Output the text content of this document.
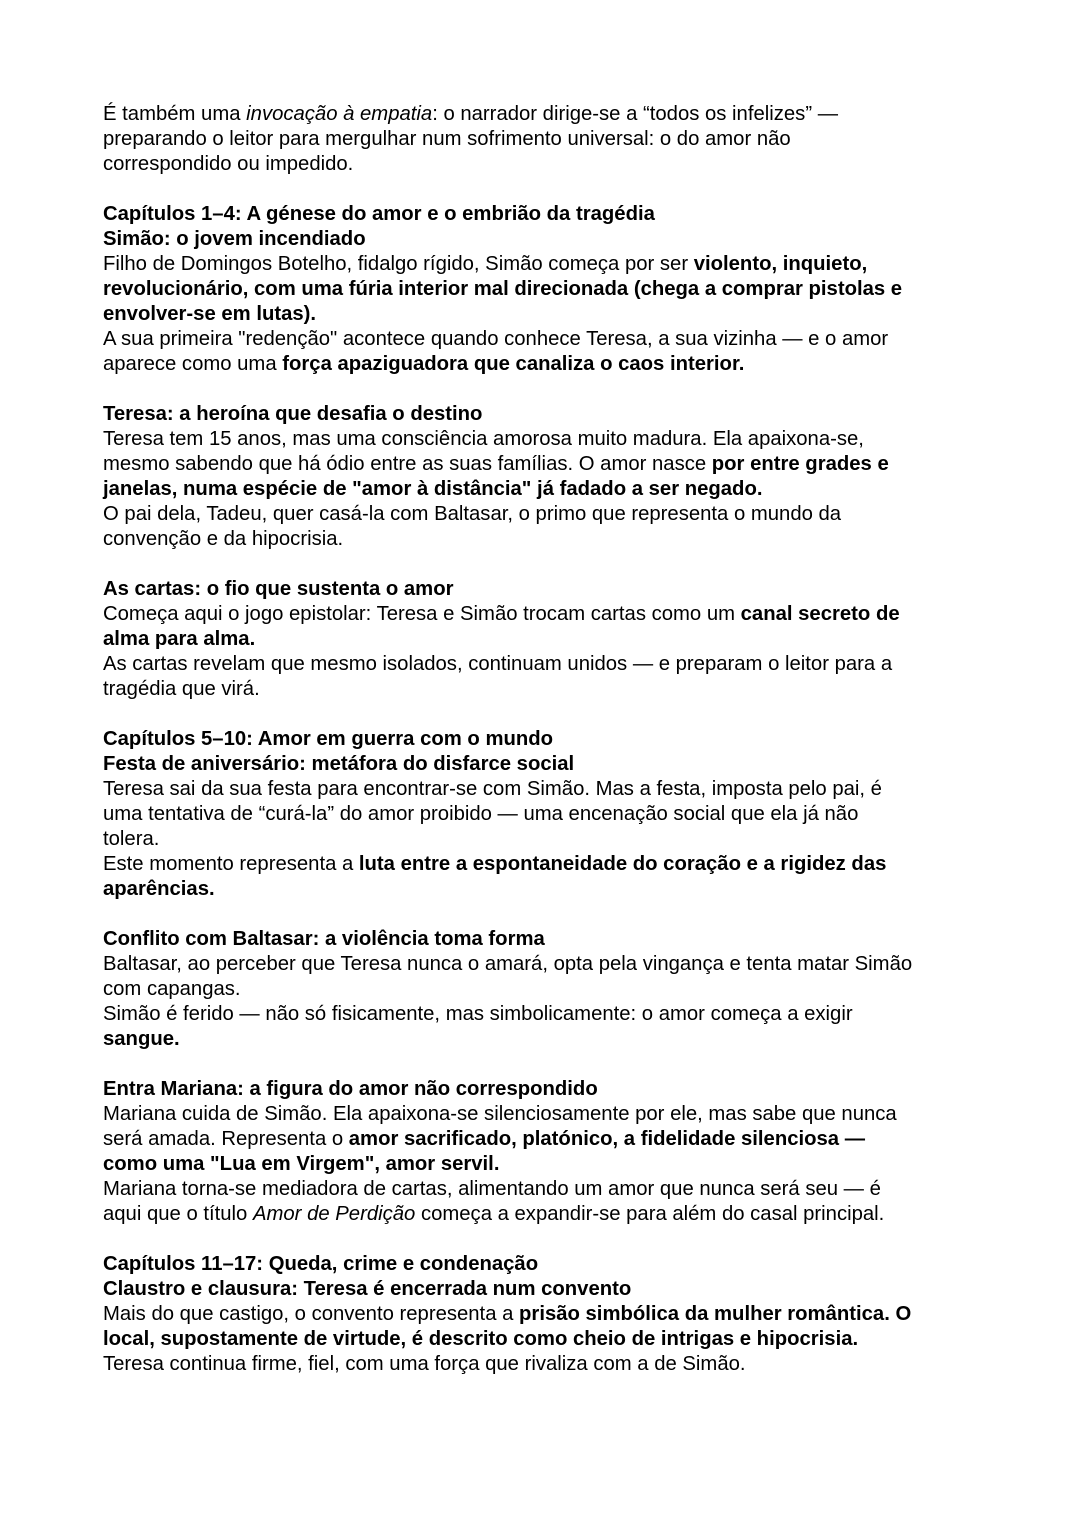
É também uma invocação à empatia: o narrador dirige-se a “todos os infelizes” —
preparando o leitor para mergulhar num sofrimento universal: o do amor não
correspondido ou impedido.

Capítulos 1–4: A génese do amor e o embrião da tragédia
Simão: o jovem incendiado
Filho de Domingos Botelho, fidalgo rígido, Simão começa por ser violento, inquieto,
revolucionário, com uma fúria interior mal direcionada (chega a comprar pistolas e
envolver-se em lutas).
A sua primeira "redenção" acontece quando conhece Teresa, a sua vizinha — e o amor
aparece como uma força apaziguadora que canaliza o caos interior.

Teresa: a heroína que desafia o destino
Teresa tem 15 anos, mas uma consciência amorosa muito madura. Ela apaixona-se,
mesmo sabendo que há ódio entre as suas famílias. O amor nasce por entre grades e
janelas, numa espécie de "amor à distância" já fadado a ser negado.
O pai dela, Tadeu, quer casá-la com Baltasar, o primo que representa o mundo da
convenção e da hipocrisia.

As cartas: o fio que sustenta o amor
Começa aqui o jogo epistolar: Teresa e Simão trocam cartas como um canal secreto de
alma para alma.
As cartas revelam que mesmo isolados, continuam unidos — e preparam o leitor para a
tragédia que virá.

Capítulos 5–10: Amor em guerra com o mundo
Festa de aniversário: metáfora do disfarce social
Teresa sai da sua festa para encontrar-se com Simão. Mas a festa, imposta pelo pai, é
uma tentativa de “curá-la” do amor proibido — uma encenação social que ela já não
tolera.
Este momento representa a luta entre a espontaneidade do coração e a rigidez das
aparências.

Conflito com Baltasar: a violência toma forma
Baltasar, ao perceber que Teresa nunca o amará, opta pela vingança e tenta matar Simão
com capangas.
Simão é ferido — não só fisicamente, mas simbolicamente: o amor começa a exigir
sangue.

Entra Mariana: a figura do amor não correspondido
Mariana cuida de Simão. Ela apaixona-se silenciosamente por ele, mas sabe que nunca
será amada. Representa o amor sacrificado, platónico, a fidelidade silenciosa —
como uma "Lua em Virgem", amor servil.
Mariana torna-se mediadora de cartas, alimentando um amor que nunca será seu — é
aqui que o título Amor de Perdição começa a expandir-se para além do casal principal.

Capítulos 11–17: Queda, crime e condenação
Claustro e clausura: Teresa é encerrada num convento
Mais do que castigo, o convento representa a prisão simbólica da mulher romântica. O
local, supostamente de virtude, é descrito como cheio de intrigas e hipocrisia.
Teresa continua firme, fiel, com uma força que rivaliza com a de Simão.
